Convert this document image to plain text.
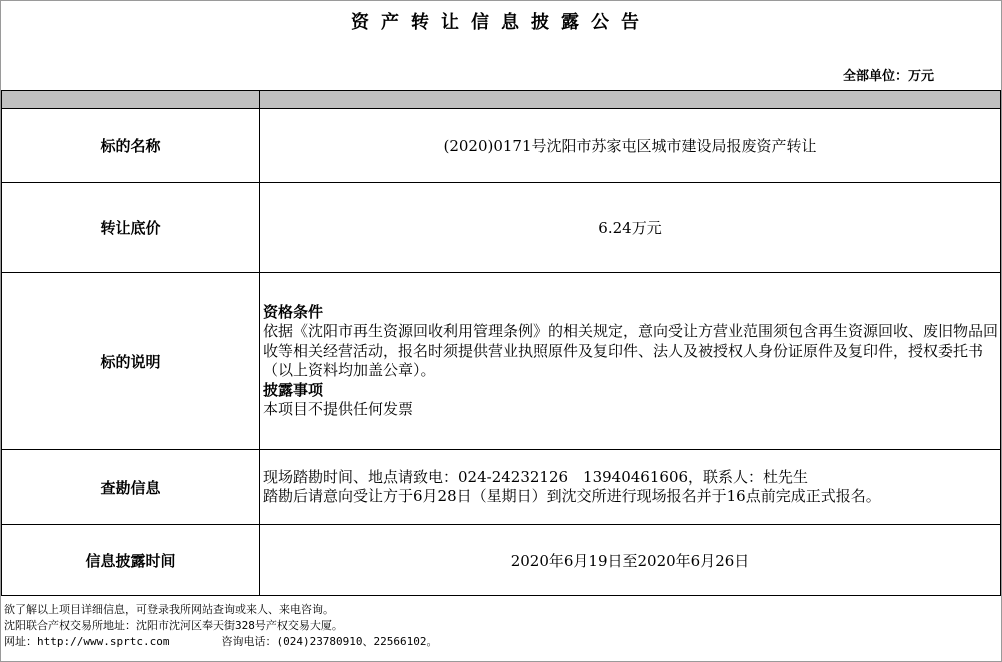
资产转让信息披露公告
全部单位：万元

标的名称	(2020)0171号沈阳市苏家屯区城市建设局报废资产转让
转让底价	6.24万元
标的说明	资格条件
依据《沈阳市再生资源回收利用管理条例》的相关规定，意向受让方营业范围须包含再生资源回收、废旧物品回收等相关经营活动，报名时须提供营业执照原件及复印件、法人及被授权人身份证原件及复印件，授权委托书（以上资料均加盖公章）。
披露事项
本项目不提供任何发票

查勘信息	现场踏勘时间、地点请致电：024-24232126　13940461606，联系人：杜先生
踏勘后请意向受让方于6月28日（星期日）到沈交所进行现场报名并于16点前完成正式报名。

信息披露时间	2020年6月19日至2020年6月26日
欲了解以上项目详细信息，可登录我所网站查询或来人、来电咨询。
沈阳联合产权交易所地址：沈阳市沈河区奉天街328号产权交易大厦。
网址：http://www.sprtc.com	咨询电话：(024)23780910、22566102。
